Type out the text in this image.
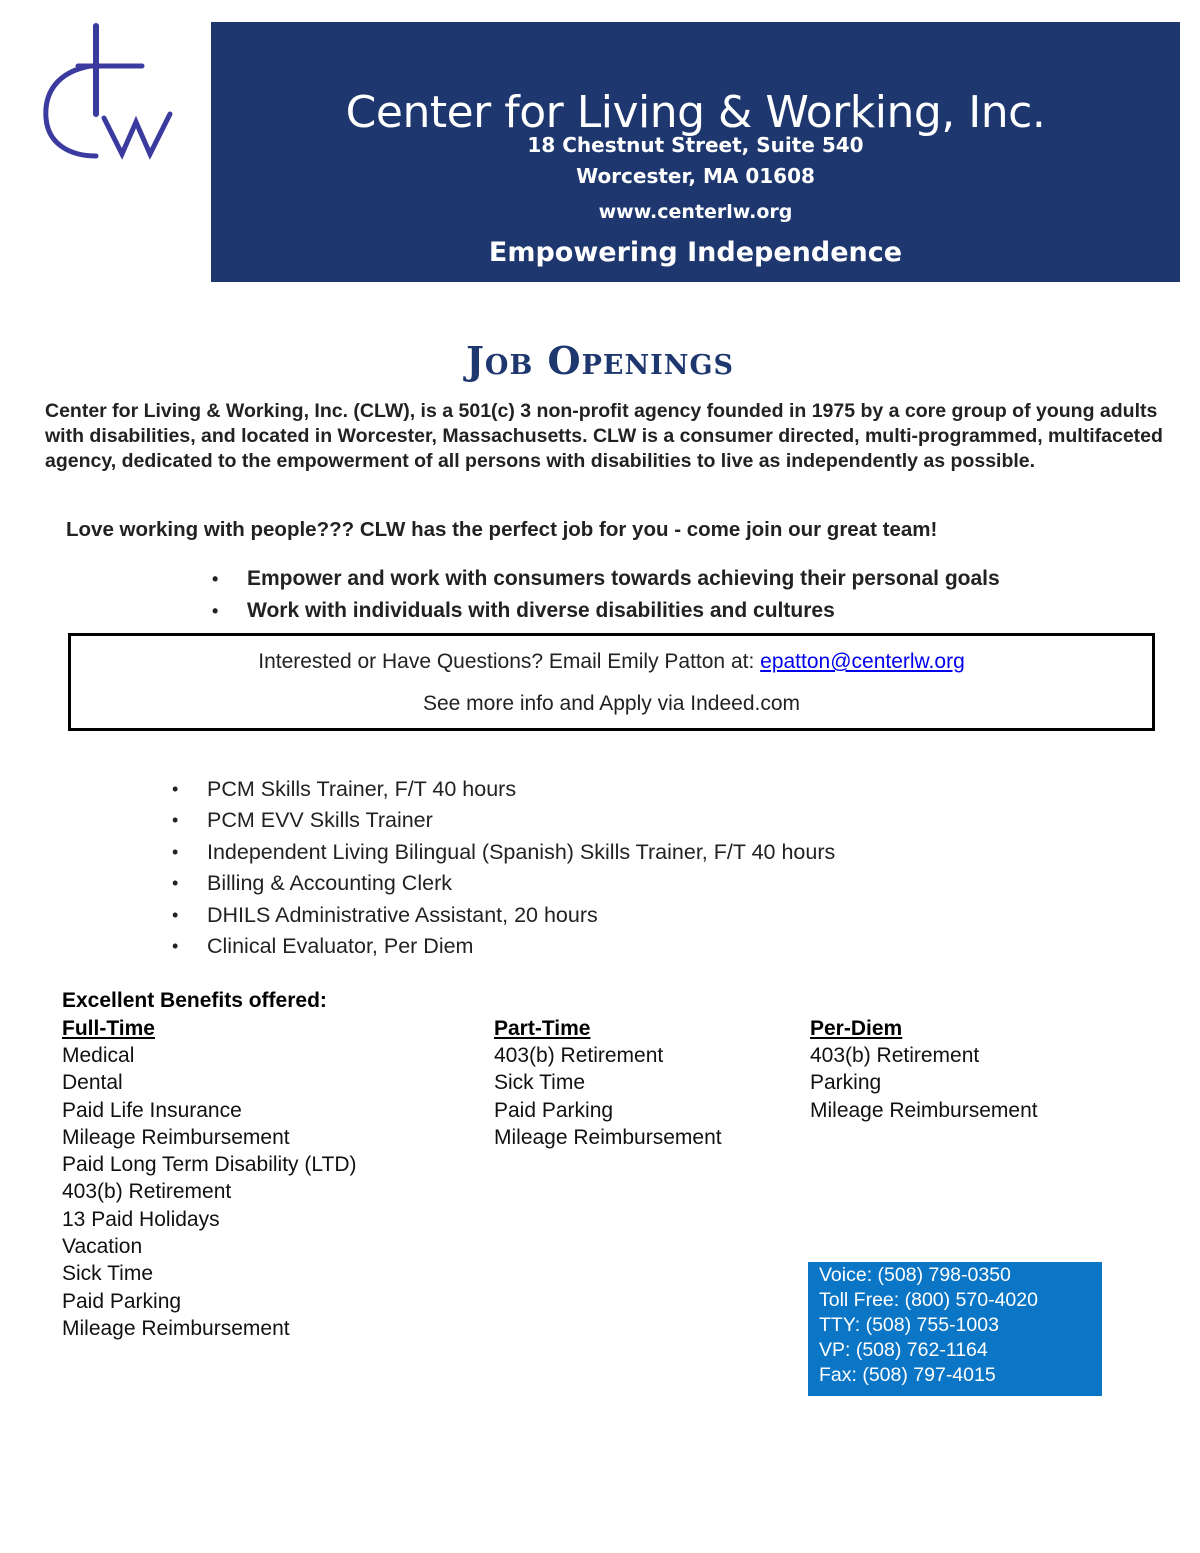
Center for Living & Working, Inc.
18 Chestnut Street, Suite 540
Worcester, MA 01608
www.centerlw.org
Empowering Independence
Job Openings
Center for Living & Working, Inc. (CLW), is a 501(c) 3 non-profit agency founded in 1975 by a core group of young adults with disabilities, and located in Worcester, Massachusetts. CLW is a consumer directed, multi-programmed, multifaceted agency, dedicated to the empowerment of all persons with disabilities to live as independently as possible.
Love working with people??? CLW has the perfect job for you - come join our great team!
• Empower and work with consumers towards achieving their personal goals
• Work with individuals with diverse disabilities and cultures
Interested or Have Questions? Email Emily Patton at: epatton@centerlw.org
See more info and Apply via Indeed.com
• PCM Skills Trainer, F/T 40 hours
• PCM EVV Skills Trainer
• Independent Living Bilingual (Spanish) Skills Trainer, F/T 40 hours
• Billing & Accounting Clerk
• DHILS Administrative Assistant, 20 hours
• Clinical Evaluator, Per Diem
Excellent Benefits offered:
Full-Time
Medical
Dental
Paid Life Insurance
Mileage Reimbursement
Paid Long Term Disability (LTD)
403(b) Retirement
13 Paid Holidays
Vacation
Sick Time
Paid Parking
Mileage Reimbursement
Part-Time
403(b) Retirement
Sick Time
Paid Parking
Mileage Reimbursement
Per-Diem
403(b) Retirement
Parking
Mileage Reimbursement
Voice: (508) 798-0350
Toll Free: (800) 570-4020
TTY: (508) 755-1003
VP: (508) 762-1164
Fax: (508) 797-4015
